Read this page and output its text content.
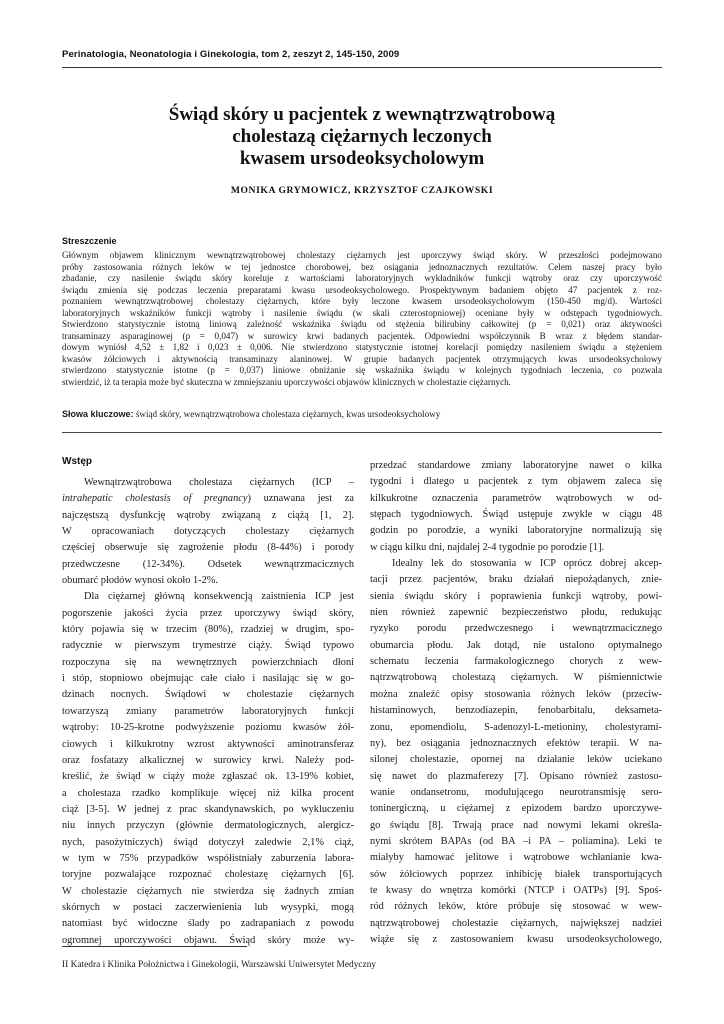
Perinatologia, Neonatologia i Ginekologia, tom 2, zeszyt 2, 145-150, 2009
Świąd skóry u pacjentek z wewnątrzwątrobową
cholestazą ciężarnych leczonych
kwasem ursodeoksycholowym
MONIKA GRYMOWICZ, KRZYSZTOF CZAJKOWSKI
Streszczenie
Głównym objawem klinicznym wewnątrzwątrobowej cholestazy ciężarnych jest uporczywy świąd skóry. W przeszłości podejmowano
próby zastosowania różnych leków w tej jednostce chorobowej, bez osiągania jednoznacznych rezultatów. Celem naszej pracy było
zbadanie, czy nasilenie świądu skóry koreluje z wartościami laboratoryjnych wykładników funkcji wątroby oraz czy uporczywość
świądu zmienia się podczas leczenia preparatami kwasu ursodeoksycholowego. Prospektywnym badaniem objęto 47 pacjentek z roz-
poznaniem wewnątrzwątrobowej cholestazy ciężarnych, które były leczone kwasem ursodeoksycholowym (150-450 mg/d). Wartości
laboratoryjnych wskaźników funkcji wątroby i nasilenie świądu (w skali czterostopniowej) oceniane były w odstępach tygodniowych.
Stwierdzono statystycznie istotną liniową zależność wskaźnika świądu od stężenia bilirubiny całkowitej (p = 0,021) oraz aktywności
transaminazy asparaginowej (p = 0,047) w surowicy krwi badanych pacjentek. Odpowiedni współczynnik B wraz z błędem standar-
dowym wyniósł 4,52 ± 1,82 i 0,023 ± 0,006. Nie stwierdzono statystycznie istotnej korelacji pomiędzy nasileniem świądu a stężeniem
kwasów żółciowych i aktywnością transaminazy alaninowej. W grupie badanych pacjentek otrzymujących kwas ursodeoksycholowy
stwierdzono statystycznie istotne (p = 0,037) liniowe obniżanie się wskaźnika świądu w kolejnych tygodniach leczenia, co pozwala
stwierdzić, iż ta terapia może być skuteczna w zmniejszaniu uporczywości objawów klinicznych w cholestazie ciężarnych.
Słowa kluczowe: świąd skóry, wewnątrzwątrobowa cholestaza ciężarnych, kwas ursodeoksycholowy
Wstęp
Wewnątrzwątrobowa cholestaza ciężarnych (ICP –
intrahepatic cholestasis of pregnancy) uznawana jest za
najczęstszą dysfunkcję wątroby związaną z ciążą [1, 2].
W opracowaniach dotyczących cholestazy ciężarnych
częściej obserwuje się zagrożenie płodu (8-44%) i porody
przedwczesne (12-34%). Odsetek wewnątrzmacicznych
obumarć płodów wynosi około 1-2%.
Dla ciężarnej główną konsekwencją zaistnienia ICP jest
pogorszenie jakości życia przez uporczywy świąd skóry,
który pojawia się w trzecim (80%), rzadziej w drugim, spo-
radycznie w pierwszym trymestrze ciąży. Świąd typowo
rozpoczyna się na wewnętrznych powierzchniach dłoni
i stóp, stopniowo obejmując całe ciało i nasilając się w go-
dzinach nocnych. Świądowi w cholestazie ciężarnych
towarzyszą zmiany parametrów laboratoryjnych funkcji
wątroby: 10-25-krotne podwyższenie poziomu kwasów żół-
ciowych i kilkukrotny wzrost aktywności aminotransferaz
oraz fosfatazy alkalicznej w surowicy krwi. Należy pod-
kreślić, że świąd w ciąży może zgłaszać ok. 13-19% kobiet,
a cholestaza rzadko komplikuje więcej niż kilka procent
ciąż [3-5]. W jednej z prac skandynawskich, po wykluczeniu
niu innych przyczyn (głównie dermatologicznych, alergicz-
nych, pasożytniczych) świąd dotyczył zaledwie 2,1% ciąż,
w tym w 75% przypadków współistniały zaburzenia labora-
toryjne pozwalające rozpoznać cholestazę ciężarnych [6].
W cholestazie ciężarnych nie stwierdza się żadnych zmian
skórnych w postaci zaczerwienienia lub wysypki, mogą
natomiast być widoczne ślady po zadrapaniach z powodu
ogromnej uporczywości objawu. Świąd skóry może wy-
przedzać standardowe zmiany laboratoryjne nawet o kilka
tygodni i dlatego u pacjentek z tym objawem zaleca się
kilkukrotne oznaczenia parametrów wątrobowych w od-
stępach tygodniowych. Świąd ustępuje zwykle w ciągu 48
godzin po porodzie, a wyniki laboratoryjne normalizują się
w ciągu kilku dni, najdalej 2-4 tygodnie po porodzie [1].
Idealny lek do stosowania w ICP oprócz dobrej akcep-
tacji przez pacjentów, braku działań niepożądanych, znie-
sienia świądu skóry i poprawienia funkcji wątroby, powi-
nien również zapewnić bezpieczeństwo płodu, redukując
ryzyko porodu przedwczesnego i wewnątrzmacicznego
obumarcia płodu. Jak dotąd, nie ustalono optymalnego
schematu leczenia farmakologicznego chorych z wew-
nątrzwątrobową cholestazą ciężarnych. W piśmiennictwie
można znaleźć opisy stosowania różnych leków (przeciw-
histaminowych, benzodiazepin, fenobarbitalu, deksameta-
zonu, epomendiolu, S-adenozyl-L-metioniny, cholestyrami-
ny), bez osiągania jednoznacznych efektów terapii. W na-
silonej cholestazie, opornej na działanie leków uciekano
się nawet do plazmaferezy [7]. Opisano również zastoso-
wanie ondansetronu, modulującego neurotransmisję sero-
toninergiczną, u ciężarnej z epizodem bardzo uporczywe-
go świądu [8]. Trwają prace nad nowymi lekami określa-
nymi skrótem BAPAs (od BA –i PA – poliamina). Leki te
miałyby hamować jelitowe i wątrobowe wchłanianie kwa-
sów żółciowych poprzez inhibicję białek transportujących
te kwasy do wnętrza komórki (NTCP i OATPs) [9]. Spoś-
ród różnych leków, które próbuje się stosować w wew-
nątrzwątrobowej cholestazie ciężarnych, największej nadziei
wiąże się z zastosowaniem kwasu ursodeoksycholowego,
II Katedra i Klinika Położnictwa i Ginekologii, Warszawski Uniwersytet Medyczny
